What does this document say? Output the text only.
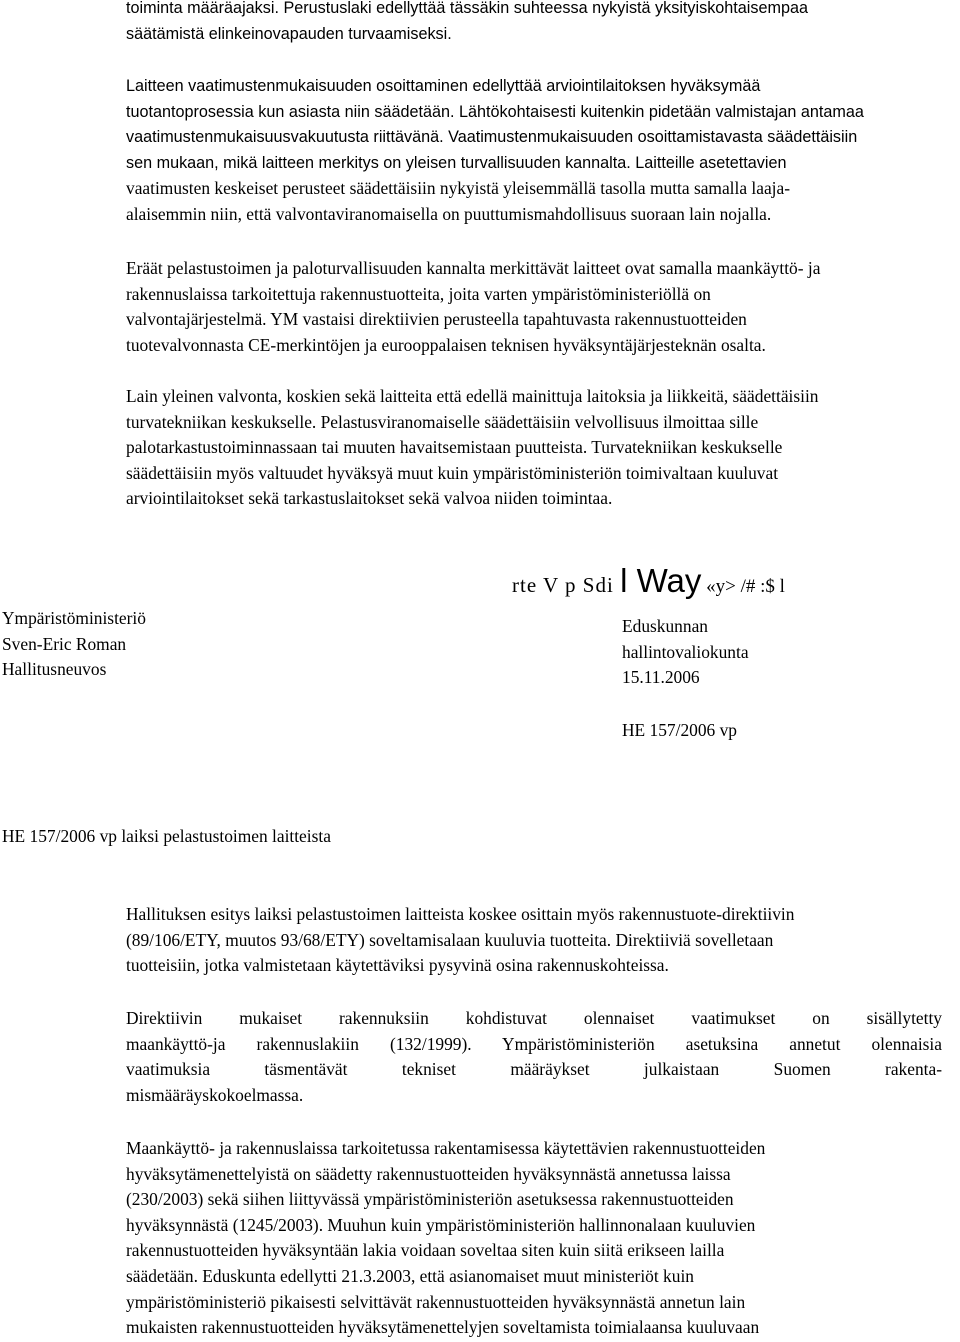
toiminta määräajaksi. Perustuslaki edellyttää tässäkin suhteessa nykyistä yksityiskohtaisempaa
säätämistä elinkeinovapauden turvaamiseksi.
Laitteen vaatimustenmukaisuuden osoittaminen edellyttää arviointilaitoksen hyväksymää
tuotantoprosessia kun asiasta niin säädetään. Lähtökohtaisesti kuitenkin pidetään valmistajan antamaa
vaatimustenmukaisuusvakuutusta riittävänä. Vaatimustenmukaisuuden osoittamistavasta säädettäisiin
sen mukaan, mikä laitteen merkitys on yleisen turvallisuuden kannalta. Laitteille asetettavien
vaatimusten keskeiset perusteet säädettäisiin nykyistä yleisemmällä tasolla mutta samalla laaja-
alaisemmin niin, että valvontaviranomaisella on puuttumismahdollisuus suoraan lain nojalla.
Eräät pelastustoimen ja paloturvallisuuden kannalta merkittävät laitteet ovat samalla maankäyttö- ja
rakennuslaissa tarkoitettuja rakennustuotteita, joita varten ympäristöministeriöllä on
valvontajärjestelmä. YM vastaisi direktiivien perusteella tapahtuvasta rakennustuotteiden
tuotevalvonnasta CE-merkintöjen ja eurooppalaisen teknisen hyväksyntäjärjesteknän osalta.
Lain yleinen valvonta, koskien sekä laitteita että edellä mainittuja laitoksia ja liikkeitä, säädettäisiin
turvatekniikan keskukselle. Pelastusviranomaiselle säädettäisiin velvollisuus ilmoittaa sille
palotarkastustoiminnassaan tai muuten havaitsemistaan puutteista. Turvatekniikan keskukselle
säädettäisiin myös valtuudet hyväksyä muut kuin ympäristöministeriön toimivaltaan kuuluvat
arviointilaitokset sekä tarkastuslaitokset sekä valvoa niiden toimintaa.
Ympäristöministeriö
Sven-Eric Roman
Hallitusneuvos
rte V p Sdi l Way «y> /# :$ l
Eduskunnan
hallintovaliokunta
15.11.2006
HE 157/2006 vp
HE 157/2006 vp laiksi pelastustoimen laitteista
Hallituksen esitys laiksi pelastustoimen laitteista koskee osittain myös rakennustuote-direktiivin
(89/106/ETY, muutos 93/68/ETY) soveltamisalaan kuuluvia tuotteita. Direktiiviä sovelletaan
tuotteisiin, jotka valmistetaan käytettäviksi pysyvinä osina rakennuskohteissa.
Direktiivin mukaiset rakennuksiin kohdistuvat olennaiset vaatimukset on sisällytetty
maankäyttö-ja rakennuslakiin (132/1999). Ympäristöministeriön asetuksina annetut olennaisia
vaatimuksia täsmentävät tekniset määräykset julkaistaan Suomen rakenta-
mismääräyskokoelmassa.
Maankäyttö- ja rakennuslaissa tarkoitetussa rakentamisessa käytettävien rakennustuotteiden
hyväksytämenettelyistä on säädetty rakennustuotteiden hyväksynnästä annetussa laissa
(230/2003) sekä siihen liittyvässä ympäristöministeriön asetuksessa rakennustuotteiden
hyväksynnästä (1245/2003). Muuhun kuin ympäristöministeriön hallinnonalaan kuuluvien
rakennustuotteiden hyväksyntään lakia voidaan soveltaa siten kuin siitä erikseen lailla
säädetään. Eduskunta edellytti 21.3.2003, että asianomaiset muut ministeriöt kuin
ympäristöministeriö pikaisesti selvittävät rakennustuotteiden hyväksynnästä annetun lain
mukaisten rakennustuotteiden hyväksytämenettelyjen soveltamista toimialaansa kuuluvaan
